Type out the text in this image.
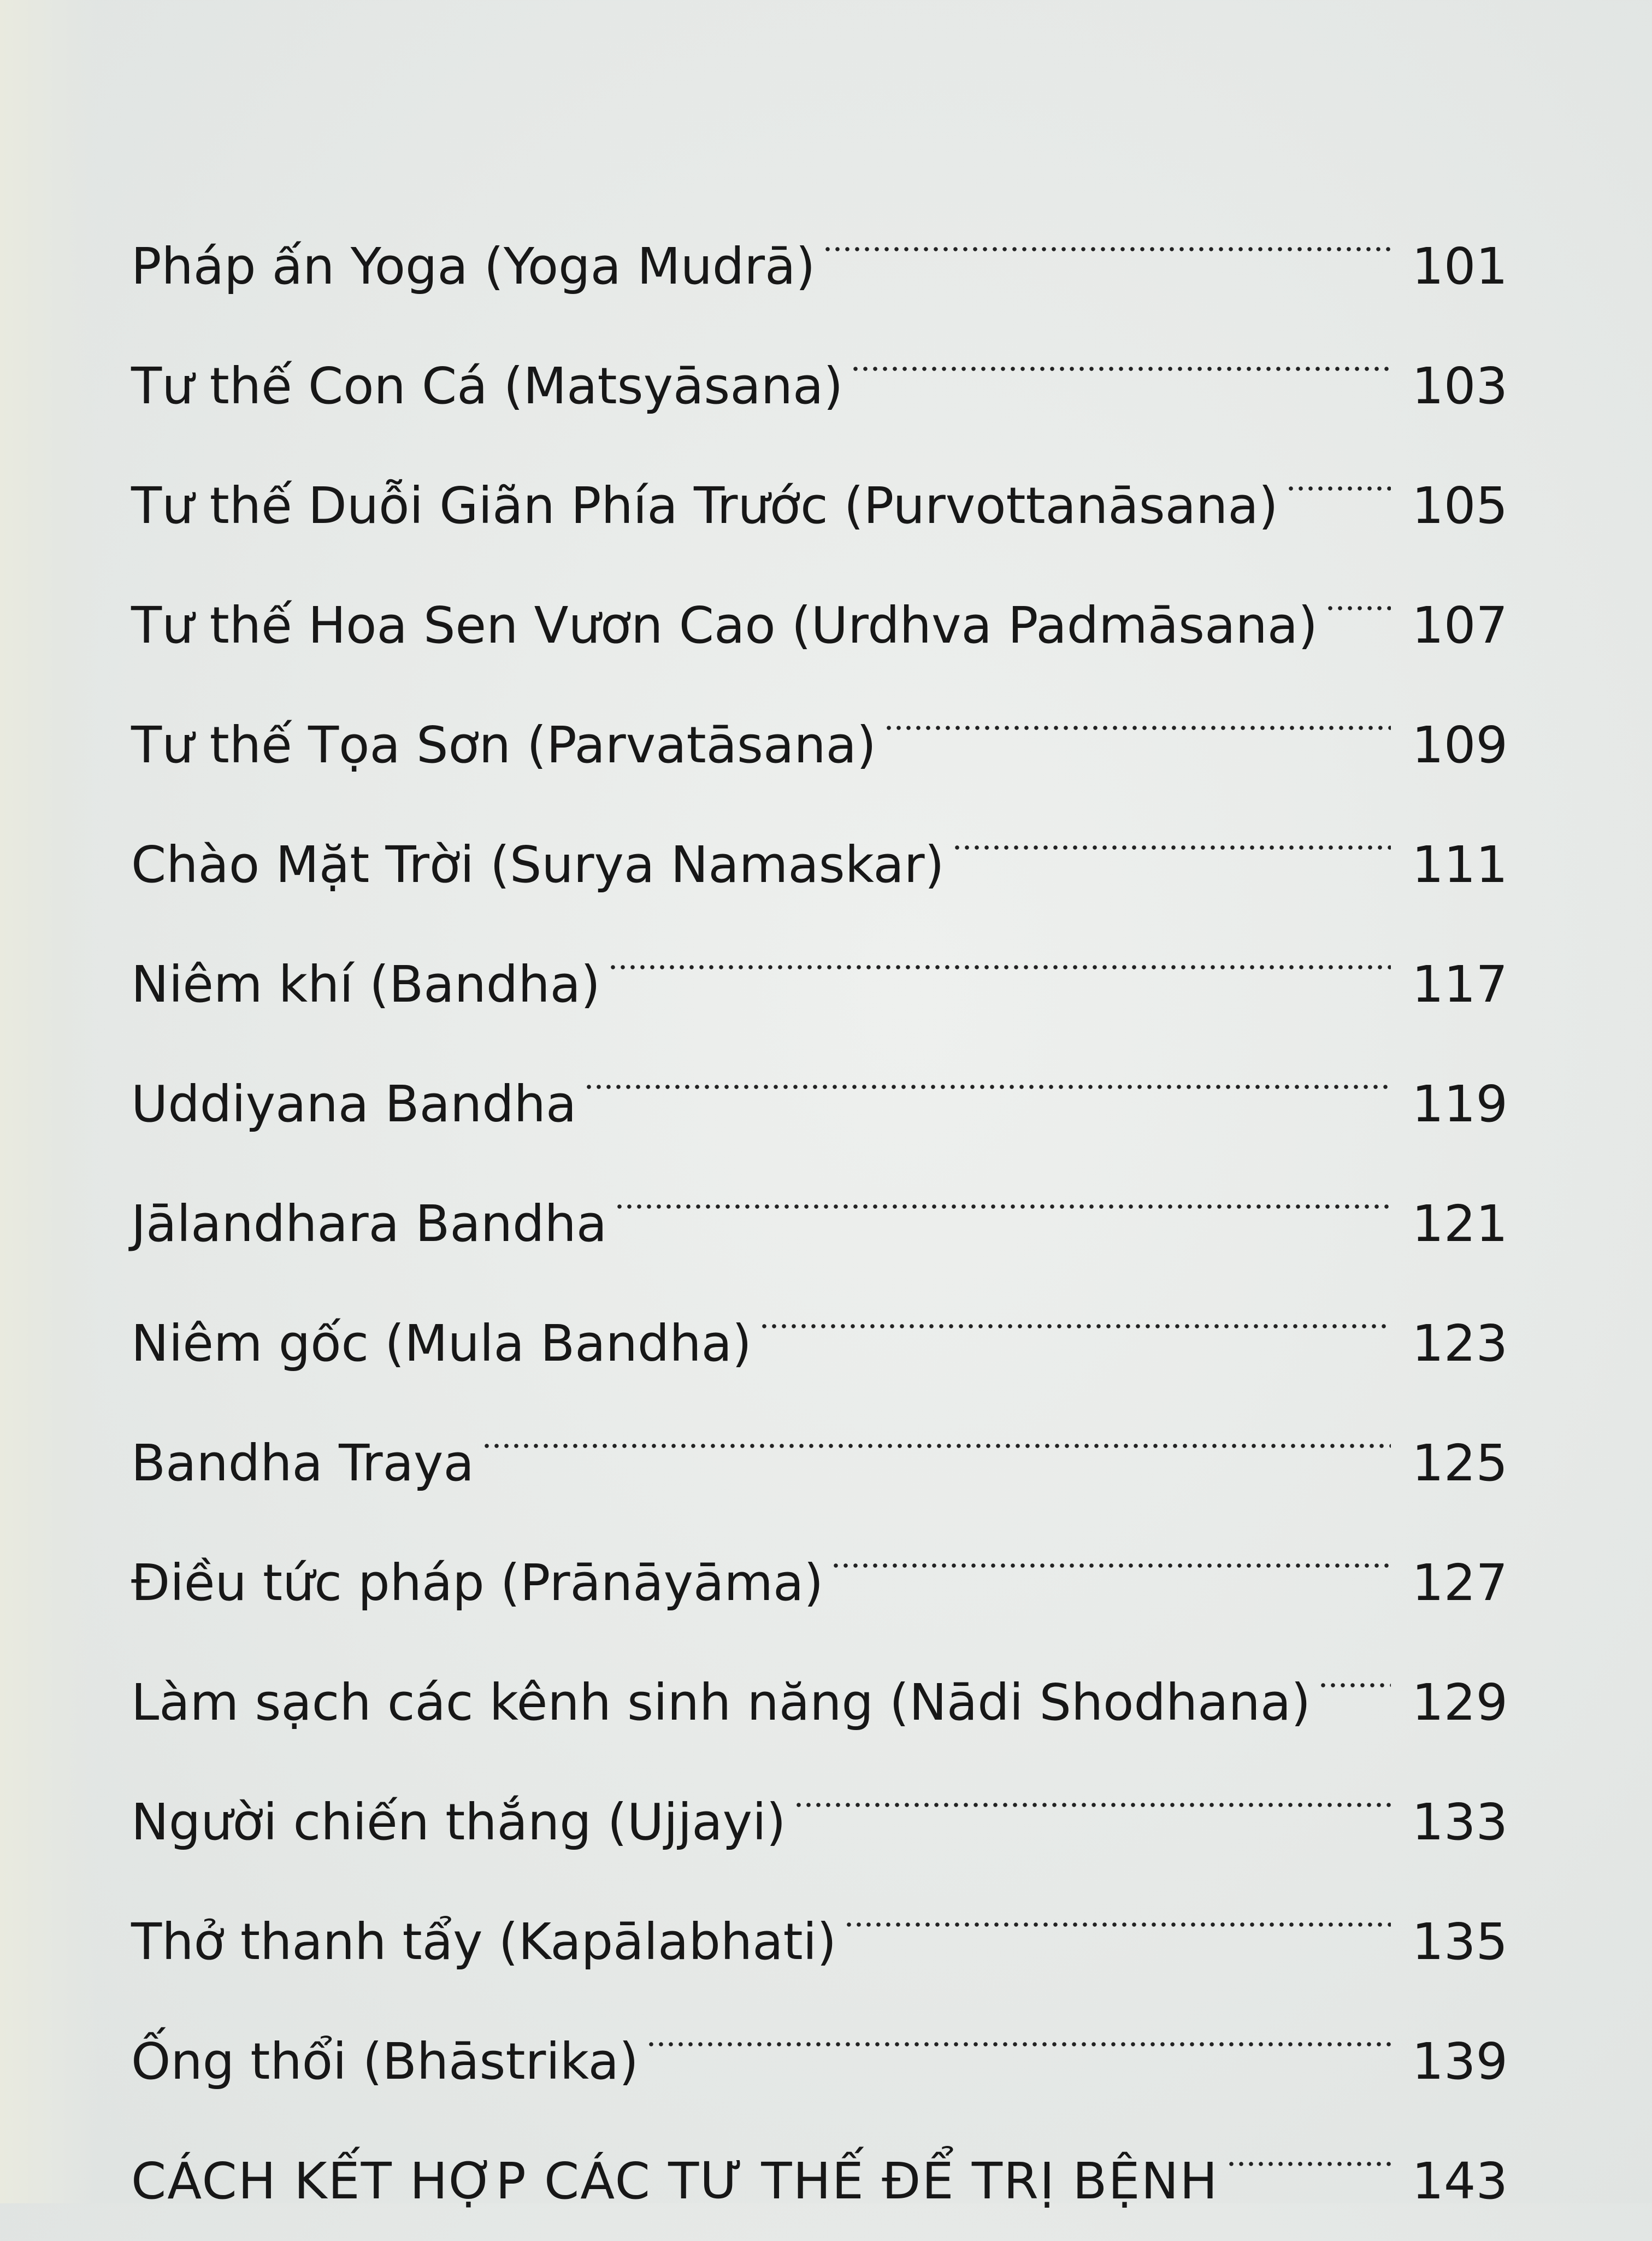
Pháp ấn Yoga (Yoga Mudrā)	101
Tư thế Con Cá (Matsyāsana)	103
Tư thế Duỗi Giãn Phía Trước (Purvottanāsana)	105
Tư thế Hoa Sen Vươn Cao (Urdhva Padmāsana) 107
Tư thế Tọa Sơn (Parvatāsana)	109
Chào Mặt Trời (Surya Namaskar)	111
Niêm khí (Bandha)	117
Uddiyana Bandha	119
Jālandhara Bandha	121
Niêm gốc (Mula Bandha)	123
Bandha Traya	125
Điều tức pháp (Prānāyāma)	127
Làm sạch các kênh sinh năng (Nādi Shodhana) 129
Người chiến thắng (Ujjayi)	133
Thở thanh tẩy (Kapālabhati)	135
Ống thổi (Bhāstrika)	139
CÁCH KẾT HỢP CÁC TƯ THẾ ĐỂ TRỊ BỆNH	143
